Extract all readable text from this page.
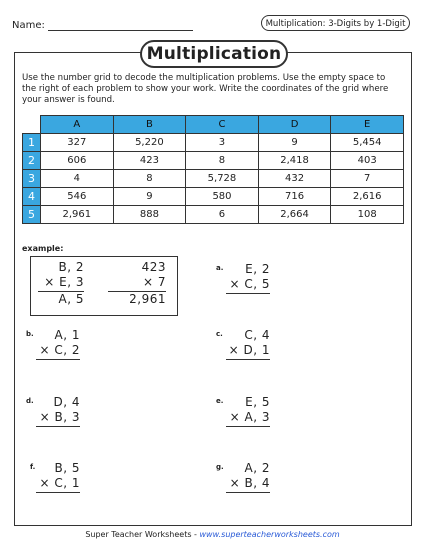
Name:	Multiplication: 3-Digits by 1-Digit
Multiplication
Use the number grid to decode the multiplication problems. Use the empty space to the right of each problem to show your work. Write the coordinates of the grid where your answer is found.
	A	B	C	D	E
1	327	5,220	3	9	5,454
2	606	423	8	2,418	403
3	4	8	5,728	432	7
4	546	9	580	716	2,616
5	2,961	888	6	2,664	108
example:
B, 2
× E, 3
A, 5
423
× 7
2,961
a.	E, 2
× C, 5
b.	A, 1
× C, 2
c.	C, 4
× D, 1
d.	D, 4
× B, 3
e.	E, 5
× A, 3
f.	B, 5
× C, 1
g.	A, 2
× B, 4
Super Teacher Worksheets - www.superteacherworksheets.com
